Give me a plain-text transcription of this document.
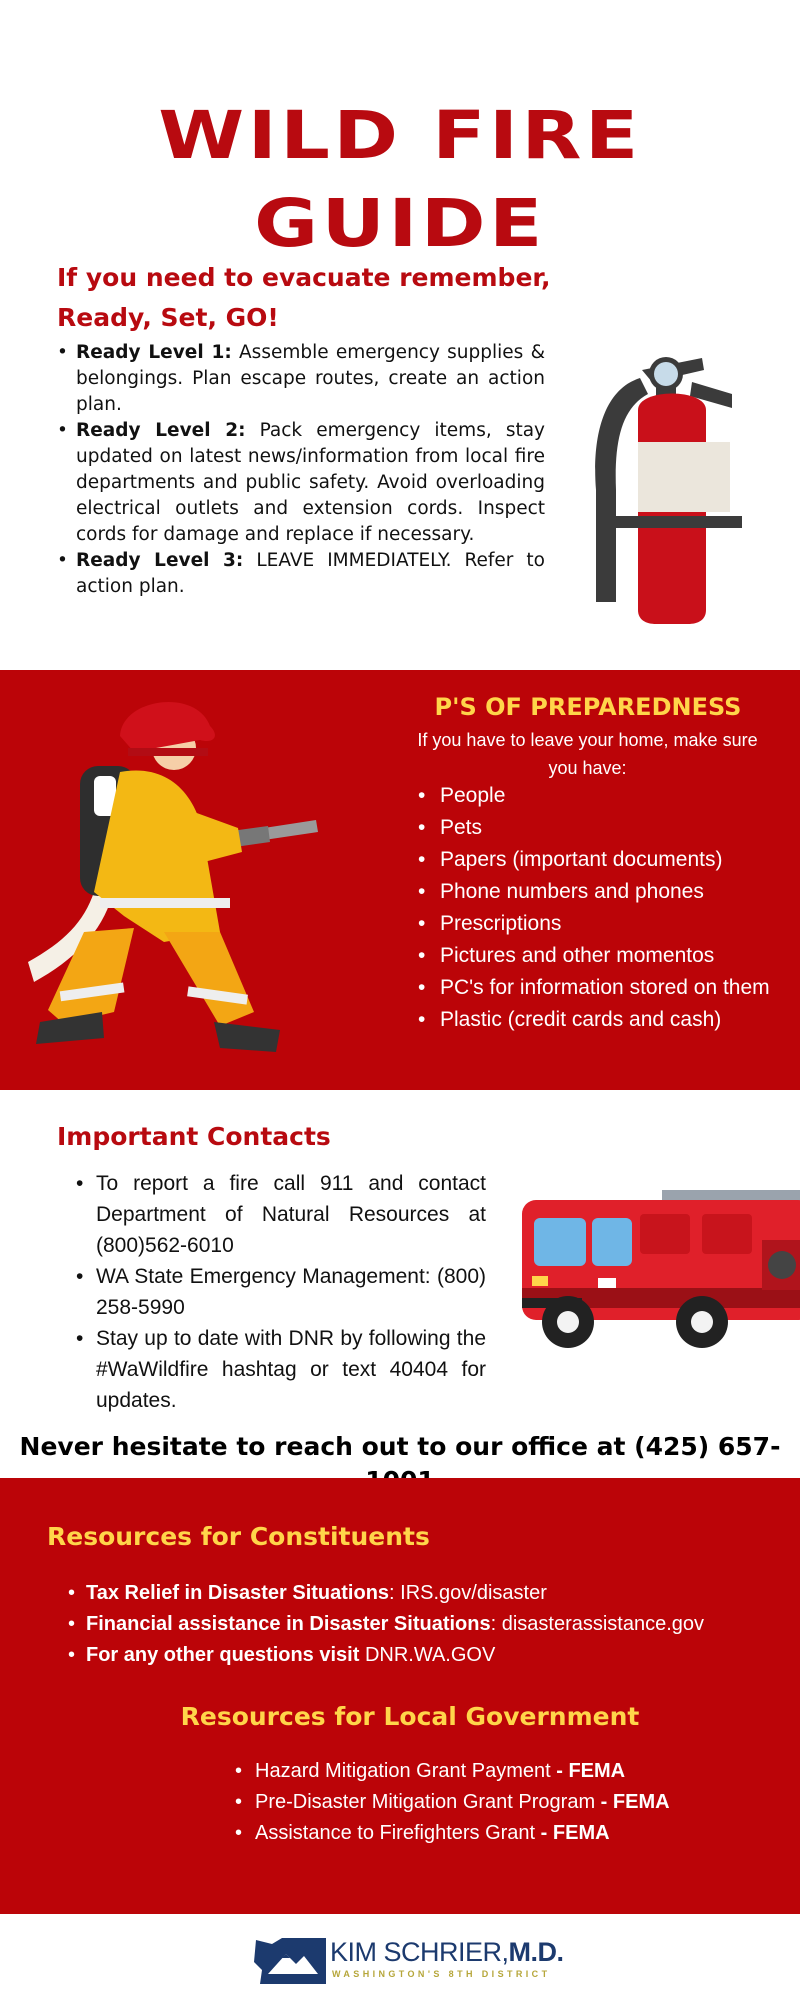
WILD FIRE
GUIDE
If you need to evacuate remember,
Ready, Set, GO!
• Ready Level 1: Assemble emergency supplies & belongings. Plan escape routes, create an action plan.
• Ready Level 2: Pack emergency items, stay updated on latest news/information from local fire departments and public safety. Avoid overloading electrical outlets and extension cords. Inspect cords for damage and replace if necessary.
• Ready Level 3: LEAVE IMMEDIATELY. Refer to action plan.
P'S OF PREPAREDNESS

If you have to leave your home, make sure you have:

• People
• Pets
• Papers (important documents)
• Phone numbers and phones
• Prescriptions
• Pictures and other momentos
• PC's for information stored on them
• Plastic (credit cards and cash)
Important Contacts
• To report a fire call 911 and contact Department of Natural Resources at (800)562-6010
• WA State Emergency Management: (800) 258-5990
• Stay up to date with DNR by following the #WaWildfire hashtag or text 40404 for updates.

Never hesitate to reach out to our office at (425) 657-

Resources for Constituents
• Tax Relief in Disaster Situations: IRS.gov/disaster
• Financial assistance in Disaster Situations: disasterassistance.gov
• For any other questions visit DNR.WA.GOV
Resources for Local Government
• Hazard Mitigation Grant Payment - FEMA
• Pre-Disaster Mitigation Grant Program - FEMA
• Assistance to Firefighters Grant - FEMA
KIM SCHRIER,M.D.
WASHINGTON'S 8TH DISTRICT
